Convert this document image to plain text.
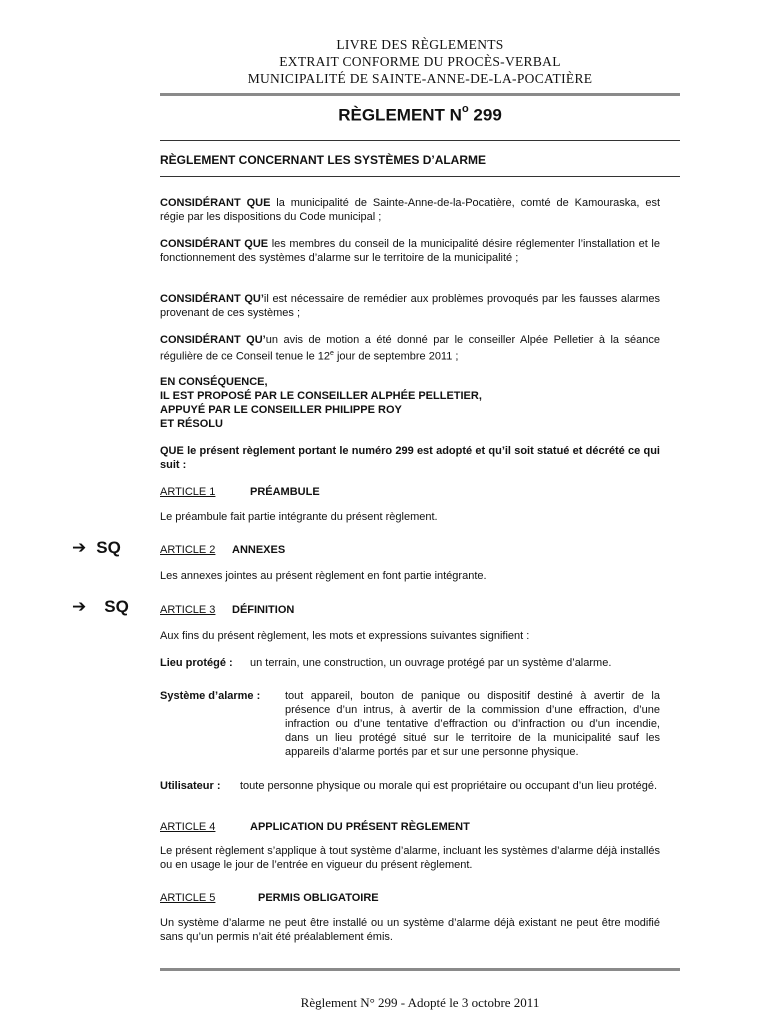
LIVRE DES RÈGLEMENTS
EXTRAIT CONFORME DU PROCÈS-VERBAL
MUNICIPALITÉ DE SAINTE-ANNE-DE-LA-POCATIÈRE
RÈGLEMENT $N^o$ 299
RÈGLEMENT CONCERNANT LES SYSTÈMES D’ALARME
CONSIDÉRANT QUE la municipalité de Sainte-Anne-de-la-Pocatière, comté de Kamouraska, est régie par les dispositions du Code municipal ;
CONSIDÉRANT QUE les membres du conseil de la municipalité désire réglementer l’installation et le fonctionnement des systèmes d’alarme sur le territoire de la municipalité ;
CONSIDÉRANT QU’il est nécessaire de remédier aux problèmes provoqués par les fausses alarmes provenant de ces systèmes ;
CONSIDÉRANT QU’un avis de motion a été donné par le conseiller Alpée Pelletier à la séance régulière de ce Conseil tenue le 12e jour de septembre 2011 ;
EN CONSÉQUENCE,
IL EST PROPOSÉ PAR LE CONSEILLER ALPHÉE PELLETIER,
APPUYÉ PAR LE CONSEILLER PHILIPPE ROY
ET RÉSOLU
QUE le présent règlement portant le numéro 299 est adopté et qu’il soit statué et décrété ce qui suit :
ARTICLE 1	PRÉAMBULE
Le préambule fait partie intégrante du présent règlement.
➔ SQ	ARTICLE 2 ANNEXES
Les annexes jointes au présent règlement en font partie intégrante.
➔ SQ	ARTICLE 3 DÉFINITION
Aux fins du présent règlement, les mots et expressions suivantes signifient :
Lieu protégé : un terrain, une construction, un ouvrage protégé par un système d’alarme.
Système d’alarme : tout appareil, bouton de panique ou dispositif destiné à avertir de la présence d’un intrus, à avertir de la commission d’une effraction, d’une infraction ou d’une tentative d’effraction ou d’infraction ou d’un incendie, dans un lieu protégé situé sur le territoire de la municipalité sauf les appareils d’alarme portés par et sur une personne physique.
Utilisateur : toute personne physique ou morale qui est propriétaire ou occupant d’un lieu protégé.
ARTICLE 4	APPLICATION DU PRÉSENT RÈGLEMENT
Le présent règlement s’applique à tout système d’alarme, incluant les systèmes d’alarme déjà installés ou en usage le jour de l’entrée en vigueur du présent règlement.
ARTICLE 5	PERMIS OBLIGATOIRE
Un système d’alarme ne peut être installé ou un système d’alarme déjà existant ne peut être modifié sans qu’un permis n’ait été préalablement émis.
Règlement N° 299 - Adopté le 3 octobre 2011
